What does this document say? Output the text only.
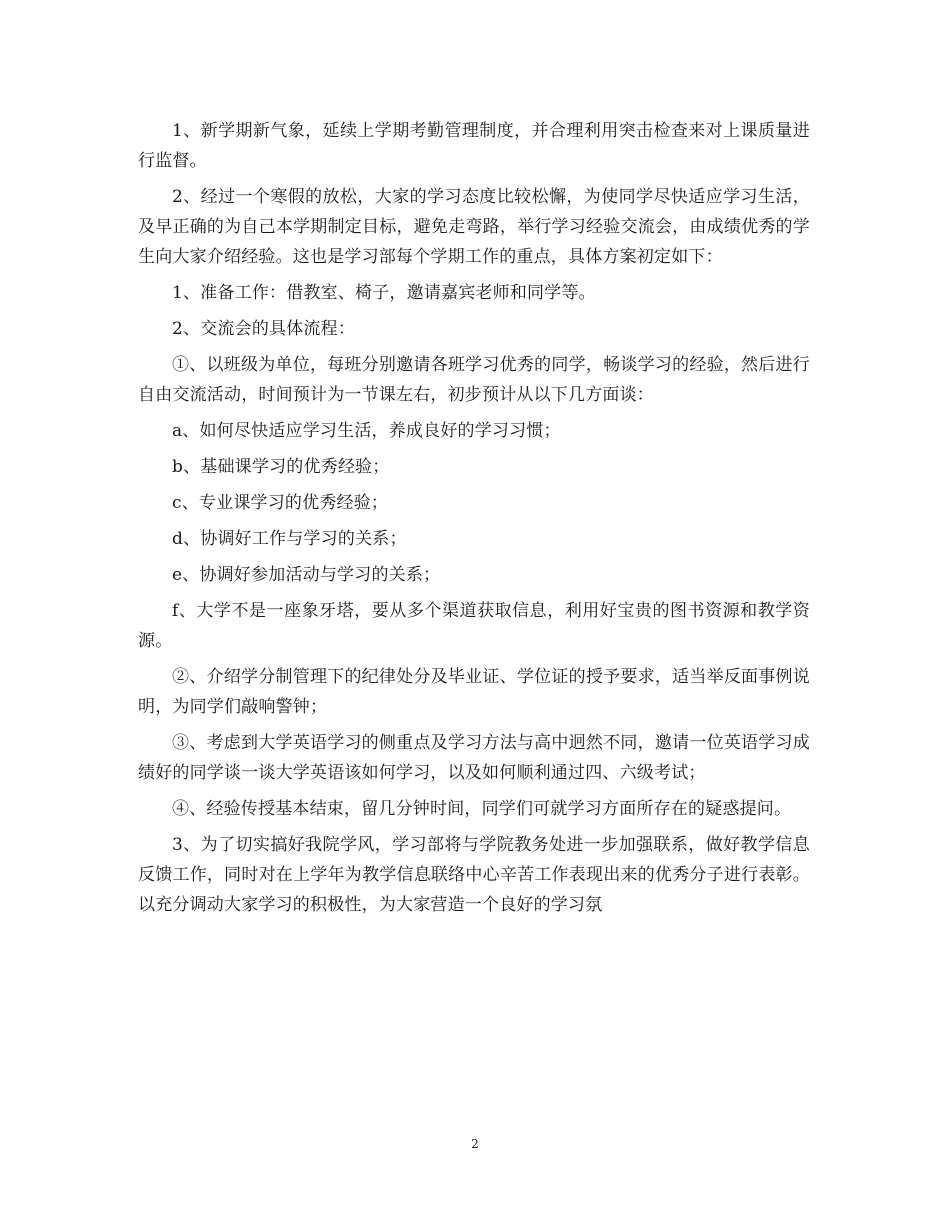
1、新学期新气象，延续上学期考勤管理制度，并合理利用突击检查来对上课质量进行监督。

2、经过一个寒假的放松，大家的学习态度比较松懈，为使同学尽快适应学习生活，及早正确的为自己本学期制定目标，避免走弯路，举行学习经验交流会，由成绩优秀的学生向大家介绍经验。这也是学习部每个学期工作的重点，具体方案初定如下：

1、准备工作：借教室、椅子，邀请嘉宾老师和同学等。

2、交流会的具体流程：

①、以班级为单位，每班分别邀请各班学习优秀的同学，畅谈学习的经验，然后进行自由交流活动，时间预计为一节课左右，初步预计从以下几方面谈：

a、如何尽快适应学习生活，养成良好的学习习惯；

b、基础课学习的优秀经验；

c、专业课学习的优秀经验；

d、协调好工作与学习的关系；

e、协调好参加活动与学习的关系；

f、大学不是一座象牙塔，要从多个渠道获取信息，利用好宝贵的图书资源和教学资源。

②、介绍学分制管理下的纪律处分及毕业证、学位证的授予要求，适当举反面事例说明，为同学们敲响警钟；

③、考虑到大学英语学习的侧重点及学习方法与高中迥然不同，邀请一位英语学习成绩好的同学谈一谈大学英语该如何学习，以及如何顺利通过四、六级考试；

④、经验传授基本结束，留几分钟时间，同学们可就学习方面所存在的疑惑提问。

3、为了切实搞好我院学风，学习部将与学院教务处进一步加强联系，做好教学信息反馈工作，同时对在上学年为教学信息联络中心辛苦工作表现出来的优秀分子进行表彰。以充分调动大家学习的积极性，为大家营造一个良好的学习氛

2
